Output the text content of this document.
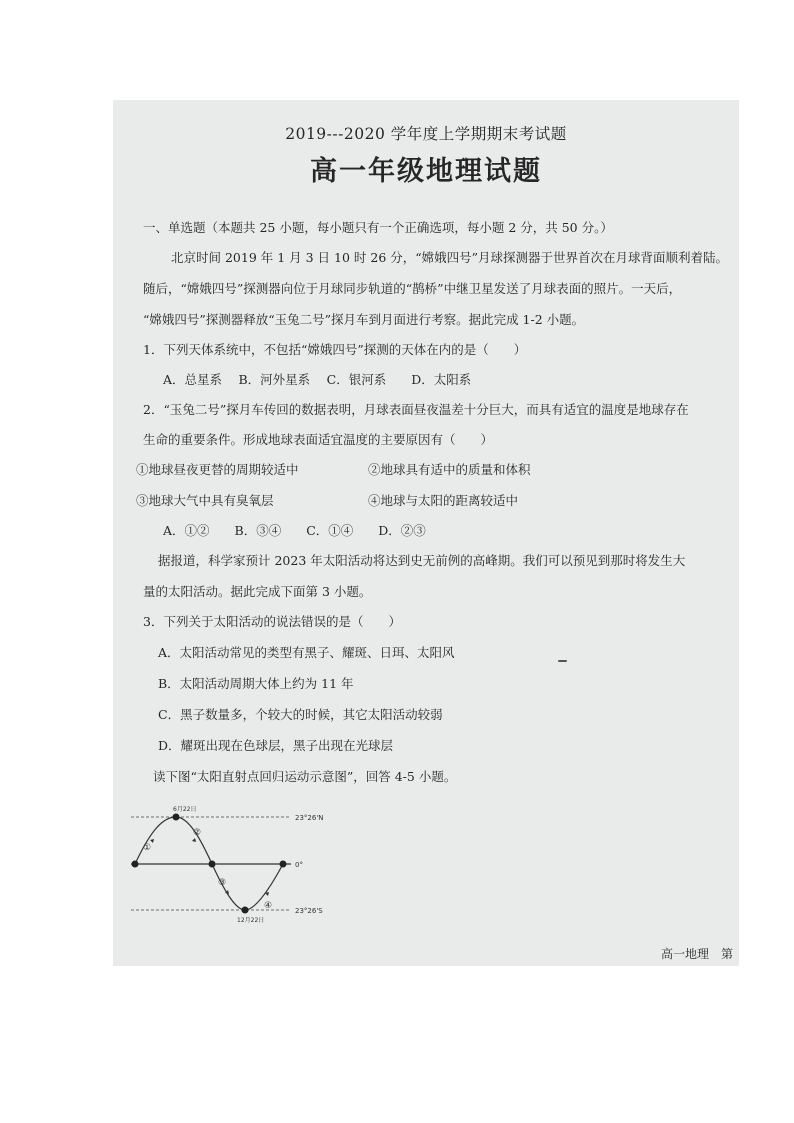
2019---2020 学年度上学期期末考试题
高一年级地理试题
一、单选题（本题共 25 小题，每小题只有一个正确选项，每小题 2 分，共 50 分。）
北京时间 2019 年 1 月 3 日 10 时 26 分，“嫦娥四号”月球探测器于世界首次在月球背面顺利着陆。
随后，“嫦娥四号”探测器向位于月球同步轨道的“鹊桥”中继卫星发送了月球表面的照片。一天后，
“嫦娥四号”探测器释放“玉兔二号”探月车到月面进行考察。据此完成 1-2 小题。
1．下列天体系统中，不包括“嫦娥四号”探测的天体在内的是（　　）
A．总星系　 B．河外星系　 C．银河系　　D．太阳系
2．“玉兔二号”探月车传回的数据表明，月球表面昼夜温差十分巨大，而具有适宜的温度是地球存在
生命的重要条件。形成地球表面适宜温度的主要原因有（　　）
①地球昼夜更替的周期较适中	②地球具有适中的质量和体积
③地球大气中具有臭氧层	④地球与太阳的距离较适中
A．①②　　B．③④　　C．①④　　D．②③
据报道，科学家预计 2023 年太阳活动将达到史无前例的高峰期。我们可以预见到那时将发生大
量的太阳活动。据此完成下面第 3 小题。
3．下列关于太阳活动的说法错误的是（　　）
A．太阳活动常见的类型有黑子、耀斑、日珥、太阳风
B．太阳活动周期大体上约为 11 年
C．黑子数量多，个较大的时候，其它太阳活动较弱
D．耀斑出现在色球层，黑子出现在光球层
读下图“太阳直射点回归运动示意图”，回答 4-5 小题。
6月22日
12月22日
23°26'N
0°
23°26'S
①
②
③
④
高一地理　第
